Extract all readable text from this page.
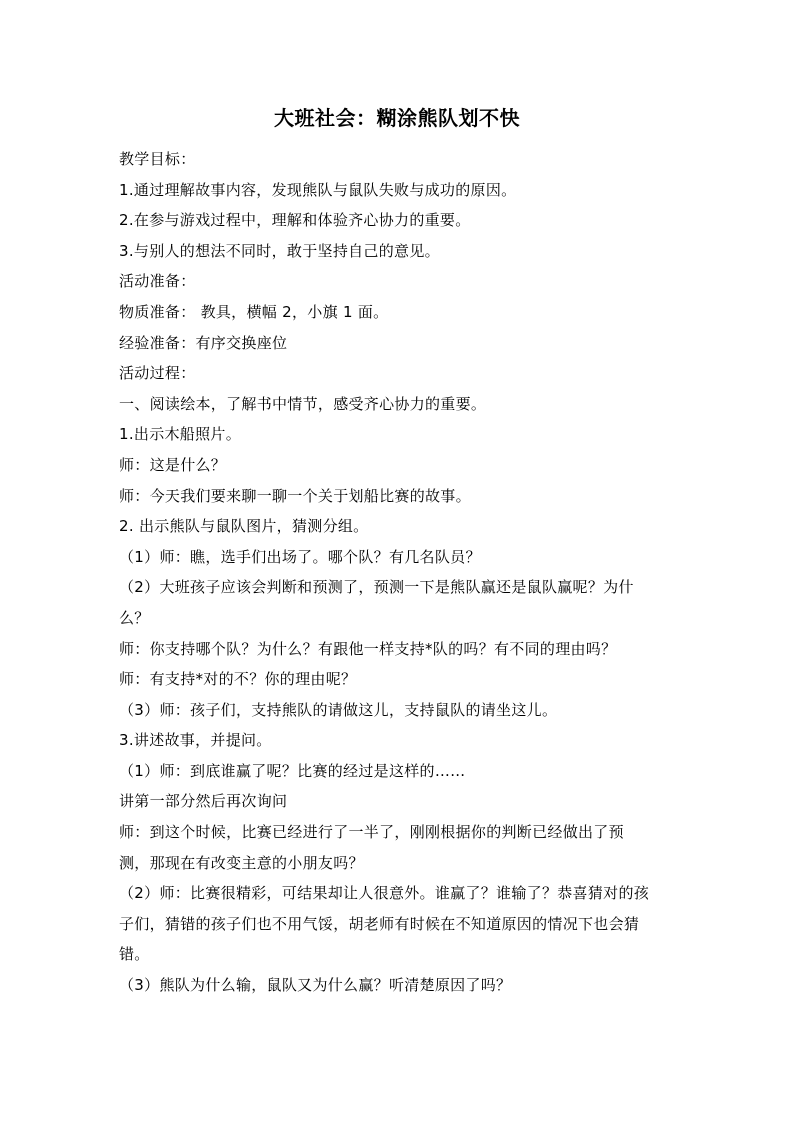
大班社会：糊涂熊队划不快
教学目标：
1.通过理解故事内容，发现熊队与鼠队失败与成功的原因。
2.在参与游戏过程中，理解和体验齐心协力的重要。
3.与别人的想法不同时，敢于坚持自己的意见。
活动准备：
物质准备： 教具，横幅 2，小旗 1 面。
经验准备：有序交换座位
活动过程：
一、阅读绘本，了解书中情节，感受齐心协力的重要。
1.出示木船照片。
师：这是什么？
师：今天我们要来聊一聊一个关于划船比赛的故事。
2. 出示熊队与鼠队图片，猜测分组。
（1）师：瞧，选手们出场了。哪个队？有几名队员？
（2）大班孩子应该会判断和预测了，预测一下是熊队赢还是鼠队赢呢？为什
么？
师：你支持哪个队？为什么？有跟他一样支持*队的吗？有不同的理由吗？
师：有支持*对的不？你的理由呢？
（3）师：孩子们，支持熊队的请做这儿，支持鼠队的请坐这儿。
3.讲述故事，并提问。
（1）师：到底谁赢了呢？比赛的经过是这样的……
讲第一部分然后再次询问
师：到这个时候，比赛已经进行了一半了，刚刚根据你的判断已经做出了预
测，那现在有改变主意的小朋友吗？
（2）师：比赛很精彩，可结果却让人很意外。谁赢了？谁输了？恭喜猜对的孩
子们，猜错的孩子们也不用气馁，胡老师有时候在不知道原因的情况下也会猜
错。
（3）熊队为什么输，鼠队又为什么赢？听清楚原因了吗？
